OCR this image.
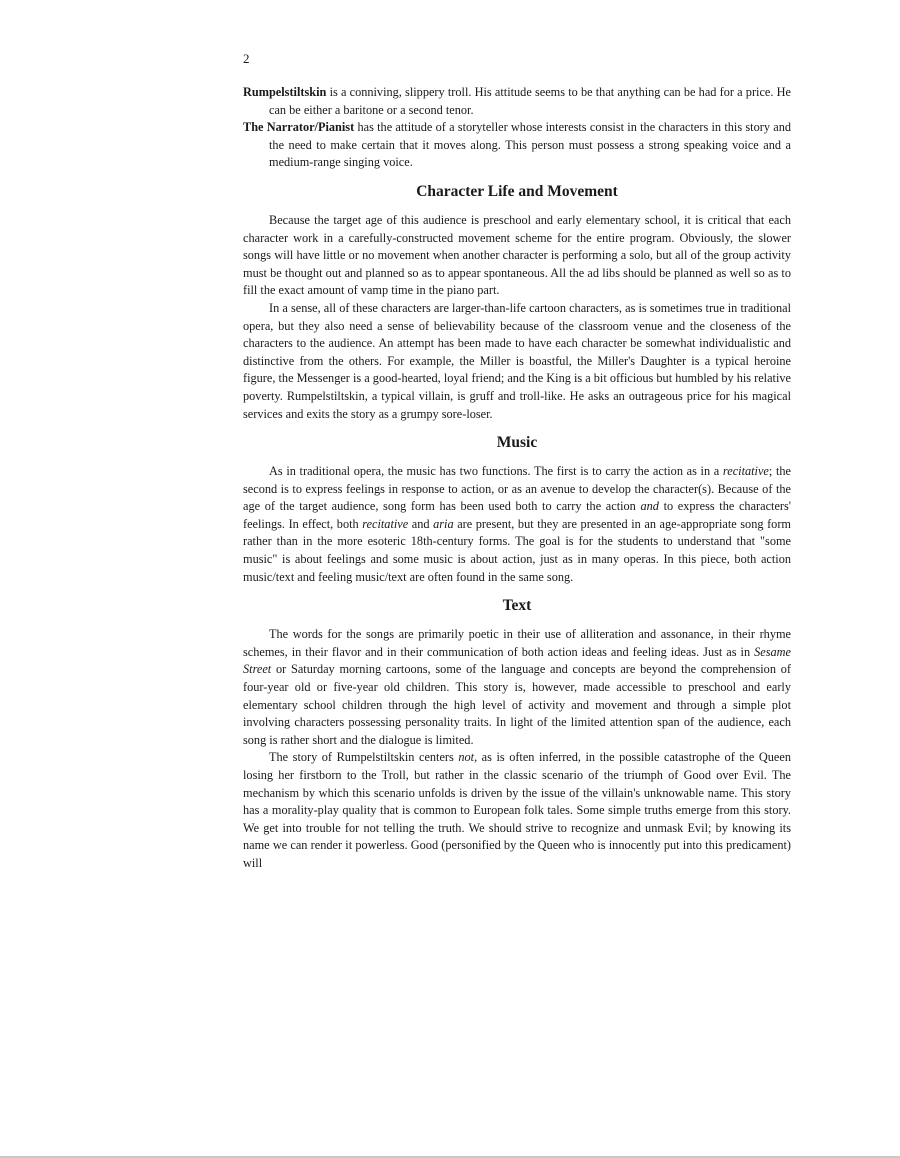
2

Rumpelstiltskin is a conniving, slippery troll. His attitude seems to be that anything can be had for a price. He can be either a baritone or a second tenor.

The Narrator/Pianist has the attitude of a storyteller whose interests consist in the characters in this story and the need to make certain that it moves along. This person must possess a strong speaking voice and a medium-range singing voice.

Character Life and Movement

Because the target age of this audience is preschool and early elementary school, it is critical that each character work in a carefully-constructed movement scheme for the entire program. Obviously, the slower songs will have little or no movement when another character is performing a solo, but all of the group activity must be thought out and planned so as to appear spontaneous. All the ad libs should be planned as well so as to fill the exact amount of vamp time in the piano part.

In a sense, all of these characters are larger-than-life cartoon characters, as is sometimes true in traditional opera, but they also need a sense of believability because of the classroom venue and the closeness of the characters to the audience. An attempt has been made to have each character be somewhat individualistic and distinctive from the others. For example, the Miller is boastful, the Miller's Daughter is a typical heroine figure, the Messenger is a good-hearted, loyal friend; and the King is a bit officious but humbled by his relative poverty. Rumpelstiltskin, a typical villain, is gruff and troll-like. He asks an outrageous price for his magical services and exits the story as a grumpy sore-loser.

Music

As in traditional opera, the music has two functions. The first is to carry the action as in a recitative; the second is to express feelings in response to action, or as an avenue to develop the character(s). Because of the age of the target audience, song form has been used both to carry the action and to express the characters' feelings. In effect, both recitative and aria are present, but they are presented in an age-appropriate song form rather than in the more esoteric 18th-century forms. The goal is for the students to understand that "some music" is about feelings and some music is about action, just as in many operas. In this piece, both action music/text and feeling music/text are often found in the same song.

Text

The words for the songs are primarily poetic in their use of alliteration and assonance, in their rhyme schemes, in their flavor and in their communication of both action ideas and feeling ideas. Just as in Sesame Street or Saturday morning cartoons, some of the language and concepts are beyond the comprehension of four-year old or five-year old children. This story is, however, made accessible to preschool and early elementary school children through the high level of activity and movement and through a simple plot involving characters possessing personality traits. In light of the limited attention span of the audience, each song is rather short and the dialogue is limited.

The story of Rumpelstiltskin centers not, as is often inferred, in the possible catastrophe of the Queen losing her firstborn to the Troll, but rather in the classic scenario of the triumph of Good over Evil. The mechanism by which this scenario unfolds is driven by the issue of the villain's unknowable name. This story has a morality-play quality that is common to European folk tales. Some simple truths emerge from this story. We get into trouble for not telling the truth. We should strive to recognize and unmask Evil; by knowing its name we can render it powerless. Good (personified by the Queen who is innocently put into this predicament) will
